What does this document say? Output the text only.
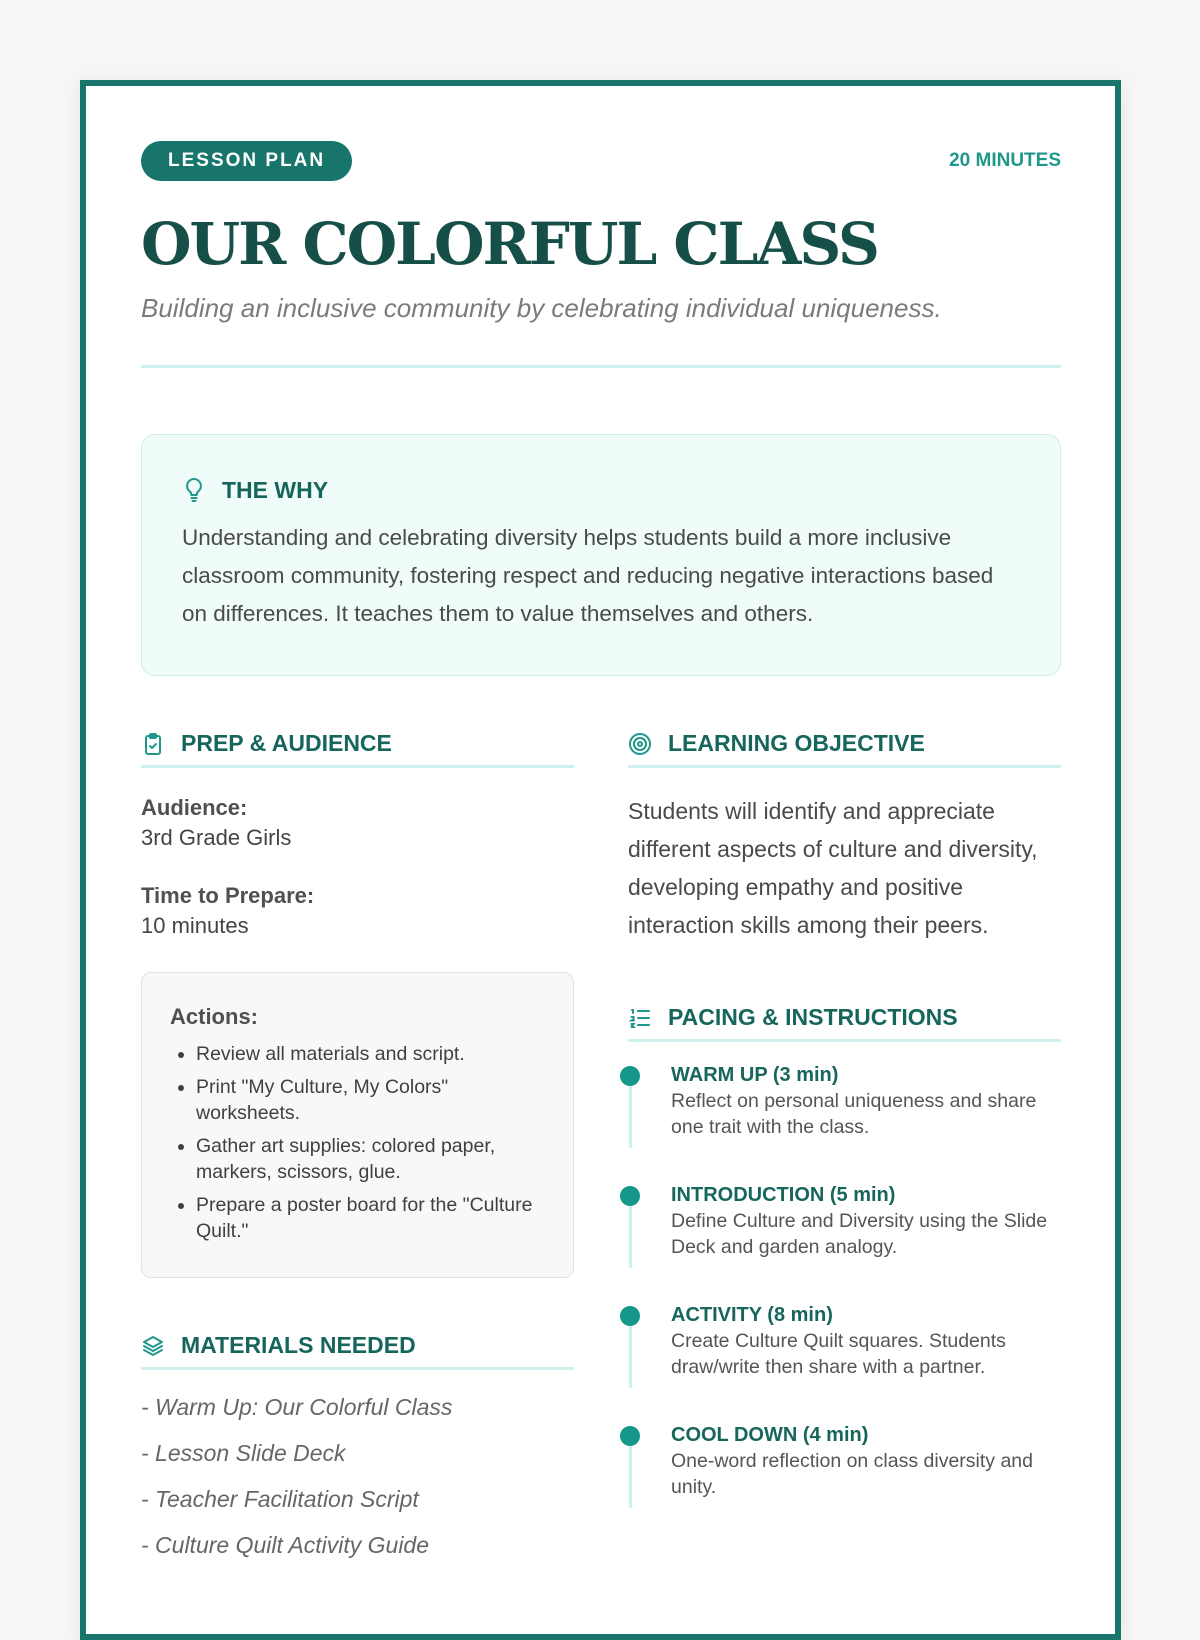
LESSON PLAN	20 MINUTES
OUR COLORFUL CLASS

Building an inclusive community by celebrating individual uniqueness.

THE WHY

Understanding and celebrating diversity helps students build a more inclusive classroom community, fostering respect and reducing negative interactions based on differences. It teaches them to value themselves and others.

PREP & AUDIENCE
Audience:
3rd Grade Girls
Time to Prepare:
10 minutes
Actions:
• Review all materials and script.
• Print "My Culture, My Colors" worksheets.
• Gather art supplies: colored paper, markers, scissors, glue.
• Prepare a poster board for the "Culture Quilt."
MATERIALS NEEDED
- Warm Up: Our Colorful Class
- Lesson Slide Deck
- Teacher Facilitation Script
- Culture Quilt Activity Guide
LEARNING OBJECTIVE

Students will identify and appreciate different aspects of culture and diversity, developing empathy and positive interaction skills among their peers.

PACING & INSTRUCTIONS
WARM UP (3 min)
Reflect on personal uniqueness and share one trait with the class.
INTRODUCTION (5 min)
Define Culture and Diversity using the Slide Deck and garden analogy.
ACTIVITY (8 min)
Create Culture Quilt squares. Students draw/write then share with a partner.
COOL DOWN (4 min)
One-word reflection on class diversity and unity.
